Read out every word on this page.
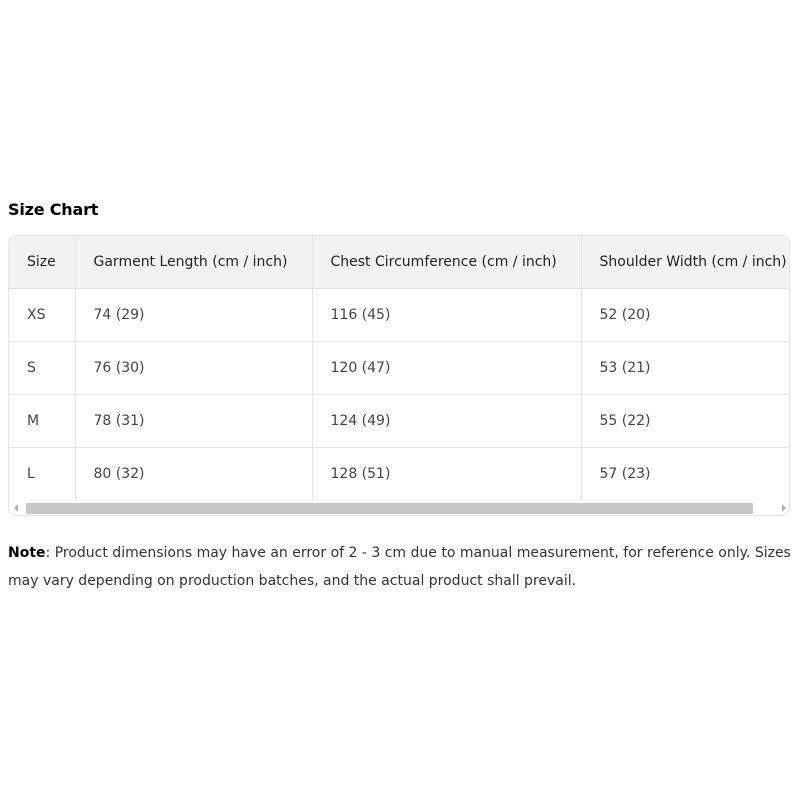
Size Chart
Size	Garment Length (cm / inch)	Chest Circumference (cm / inch)	Shoulder Width (cm / inch)
XS	74 (29)	116 (45)	52 (20)
S	76 (30)	120 (47)	53 (21)
M	78 (31)	124 (49)	55 (22)
L	80 (32)	128 (51)	57 (23)
Note: Product dimensions may have an error of 2 - 3 cm due to manual measurement, for reference only. Sizes may vary depending on production batches, and the actual product shall prevail.
